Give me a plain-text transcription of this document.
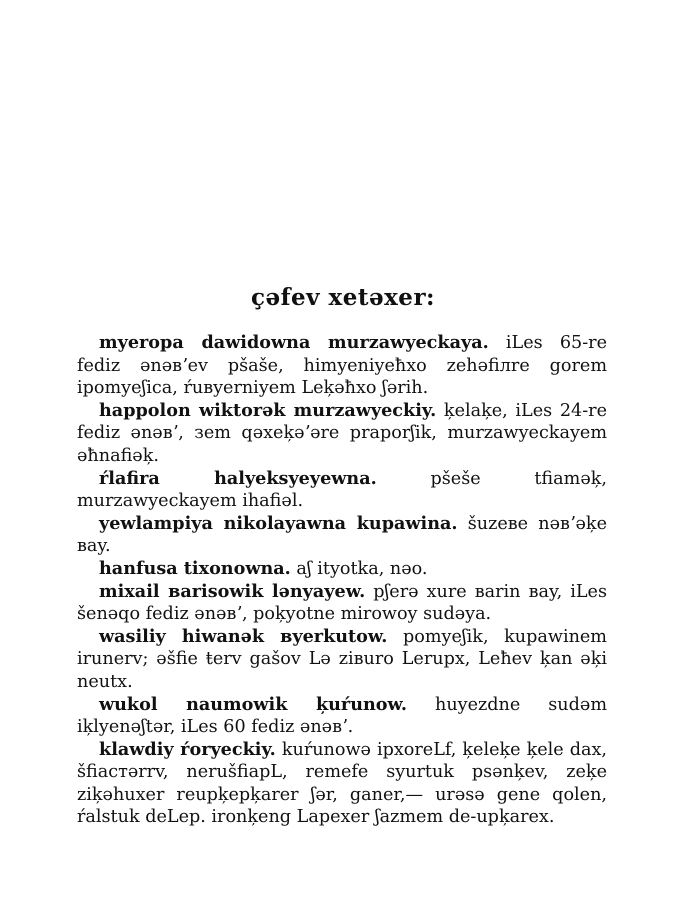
çəfev xetəxer:

myeropa dawidowna murzawyeckaya. iLes 65-re fediz ənəвʼev pšaše, himyeniyeħxo zehəfiлre gorem ipomyeʃica, ŕuвyerniyem Leķəħxo ʃərih.

happolon wiktorək murzawyeckiy. ķelaķe, iLes 24-re fediz ənəвʼ, зem qəxeķəʼəre praporʃik, murzawyeckayem əħnafiəķ.

ŕlafira halyeksyeyewna. pšeše tfiaməķ, murzawyeckayem ihafiəl.

yewlampiya nikolayawna kupawina. šuzeвe nəвʼəķe вay.

hanfusa tixonowna. aʃ ityotka, nəo.

mixail вarisowik lənyayew. pʃerə xure вarin вay, iLes šenəqo fediz ənəвʼ, poķyotne mirowoy sudəya.

wasiliy hiwanək вyerkutow. pomyeʃik, kupawinem irunerv; əšfie ŧerv gašov Lə ziвuro Lerupx, Leħev ķan əķi neutx.

wukol naumowik ķuŕunow. huyezdne sudəm iķlyenəʃtər, iLes 60 fediz ənəвʼ.

klawdiy ŕoryeckiy. kuŕunowə ipxoreLf, ķeleķe ķele dax, šfiacтərrv, nerušfiapL, remefe syurtuk psənķev, zeķe ziķəhuxer reupķepķarer ʃər, ganer,— urəsə gene qolen, ŕalstuk deLep. ironķeng Lapexer ʃazmem de-upķarex.
